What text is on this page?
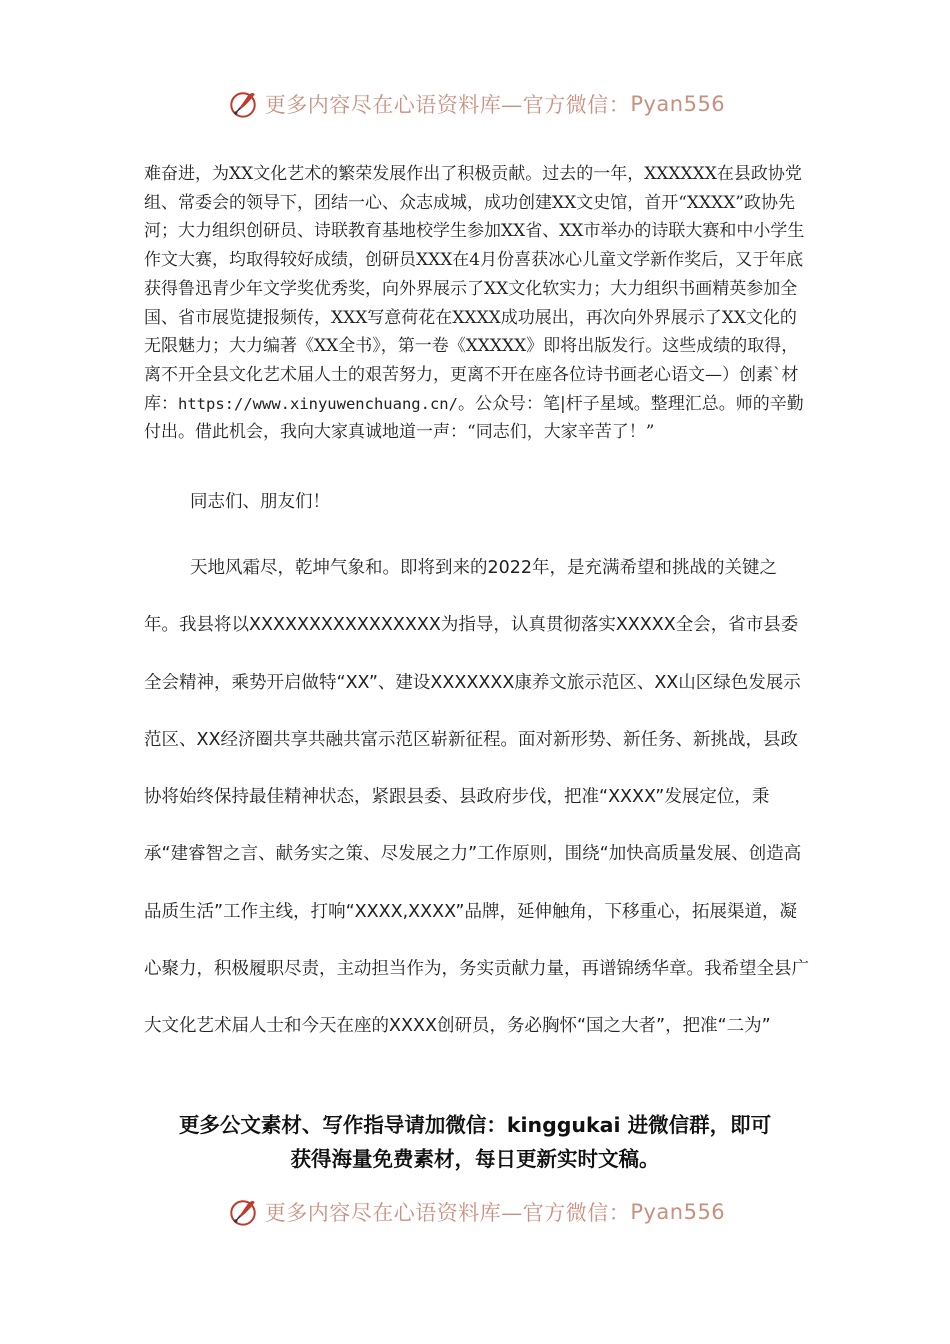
更多内容尽在心语资料库—官方微信： Pyan556

难奋进，为XX文化艺术的繁荣发展作出了积极贡献。过去的一年，XXXXXX在县政协党组、常委会的领导下，团结一心、众志成城，成功创建XX文史馆，首开“XXXX”政协先河；大力组织创研员、诗联教育基地校学生参加XX省、XX市举办的诗联大赛和中小学生作文大赛，均取得较好成绩，创研员XXX在4月份喜获冰心儿童文学新作奖后，又于年底获得鲁迅青少年文学奖优秀奖，向外界展示了XX文化软实力；大力组织书画精英参加全国、省市展览捷报频传，XXX写意荷花在XXXX成功展出，再次向外界展示了XX文化的无限魅力；大力编著《XX全书》，第一卷《XXXXX》即将出版发行。这些成绩的取得，离不开全县文化艺术届人士的艰苦努力，更离不开在座各位诗书画老心语文—）创素`材库：https://www.xinyuwenchuang.cn/。公众号：笔|杆子星域。整理汇总。师的辛勤付出。借此机会，我向大家真诚地道一声：“同志们，大家辛苦了！”

同志们、朋友们！

天地风霜尽，乾坤气象和。即将到来的2022年，是充满希望和挑战的关键之年。我县将以XXXXXXXXXXXXXXXX为指导，认真贯彻落实XXXXX全会，省市县委全会精神，乘势开启做特“XX”、建设XXXXXXX康养文旅示范区、XX山区绿色发展示范区、XX经济圈共享共融共富示范区崭新征程。面对新形势、新任务、新挑战，县政协将始终保持最佳精神状态，紧跟县委、县政府步伐，把准“XXXX”发展定位，秉承“建睿智之言、献务实之策、尽发展之力”工作原则，围绕“加快高质量发展、创造高品质生活”工作主线，打响“XXXX,XXXX”品牌，延伸触角，下移重心，拓展渠道，凝心聚力，积极履职尽责，主动担当作为，务实贡献力量，再谱锦绣华章。我希望全县广大文化艺术届人士和今天在座的XXXX创研员，务必胸怀“国之大者”，把准“二为”

更多公文素材、写作指导请加微信：kinggukai 进微信群，即可
获得海量免费素材，每日更新实时文稿。
更多内容尽在心语资料库—官方微信： Pyan556
